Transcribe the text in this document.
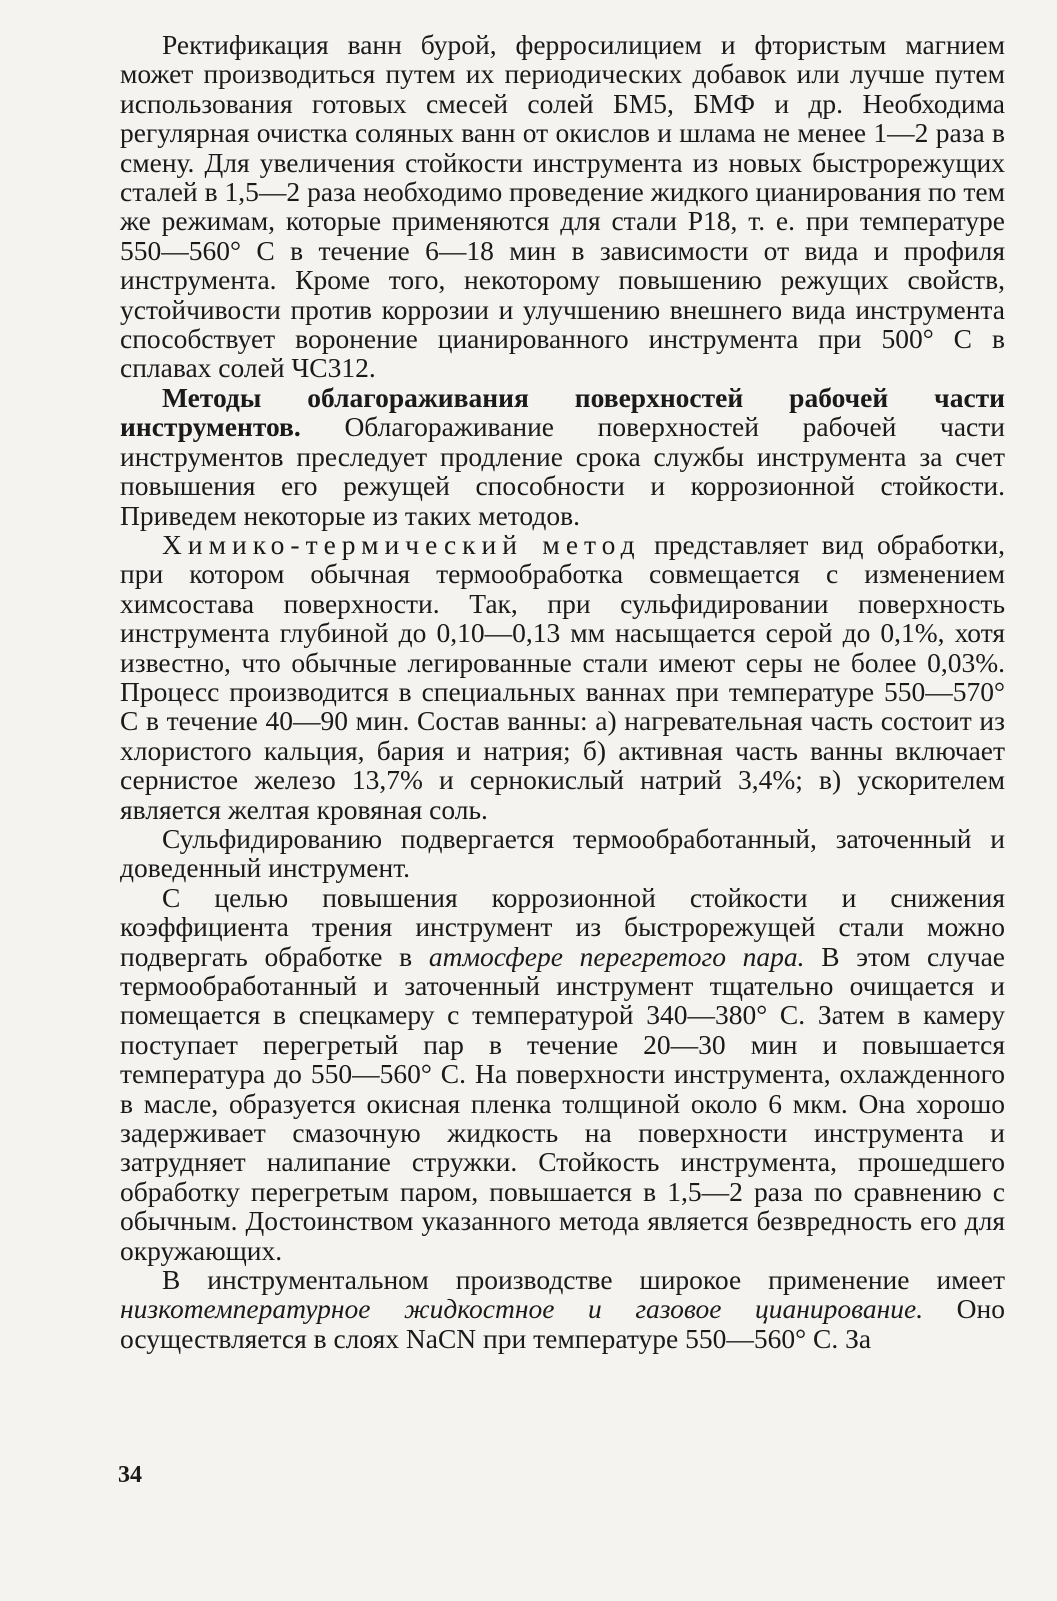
Ректификация ванн бурой, ферросилицием и фтористым магнием может производиться путем их периодических добавок или лучше путем использования готовых смесей солей БМ5, БМФ и др. Необходима регулярная очистка соляных ванн от окислов и шлама не менее 1—2 раза в смену. Для увеличения стойкости инструмента из новых быстрорежущих сталей в 1,5—2 раза необходимо проведение жидкого цианирования по тем же режимам, которые применяются для стали Р18, т. е. при температуре 550—560° С в течение 6—18 мин в зависимости от вида и профиля инструмента. Кроме того, некоторому повышению режущих свойств, устойчивости против коррозии и улучшению внешнего вида инструмента способствует воронение цианированного инструмента при 500° С в сплавах солей ЧС312.

Методы облагораживания поверхностей рабочей части инструментов. Облагораживание поверхностей рабочей части инструментов преследует продление срока службы инструмента за счет повышения его режущей способности и коррозионной стойкости. Приведем некоторые из таких методов.

Химико-термический метод представляет вид обработки, при котором обычная термообработка совмещается с изменением химсостава поверхности. Так, при сульфидировании поверхность инструмента глубиной до 0,10—0,13 мм насыщается серой до 0,1%, хотя известно, что обычные легированные стали имеют серы не более 0,03%. Процесс производится в специальных ваннах при температуре 550—570° С в течение 40—90 мин. Состав ванны: а) нагревательная часть состоит из хлористого кальция, бария и натрия; б) активная часть ванны включает сернистое железо 13,7% и сернокислый натрий 3,4%; в) ускорителем является желтая кровяная соль.

Сульфидированию подвергается термообработанный, заточенный и доведенный инструмент.

С целью повышения коррозионной стойкости и снижения коэффициента трения инструмент из быстрорежущей стали можно подвергать обработке в атмосфере перегретого пара. В этом случае термообработанный и заточенный инструмент тщательно очищается и помещается в спецкамеру с температурой 340—380° С. Затем в камеру поступает перегретый пар в течение 20—30 мин и повышается температура до 550—560° С. На поверхности инструмента, охлажденного в масле, образуется окисная пленка толщиной около 6 мкм. Она хорошо задерживает смазочную жидкость на поверхности инструмента и затрудняет налипание стружки. Стойкость инструмента, прошедшего обработку перегретым паром, повышается в 1,5—2 раза по сравнению с обычным. Достоинством указанного метода является безвредность его для окружающих.

В инструментальном производстве широкое применение имеет низкотемпературное жидкостное и газовое цианирование. Оно осуществляется в слоях NaCN при температуре 550—560° С. За

34
